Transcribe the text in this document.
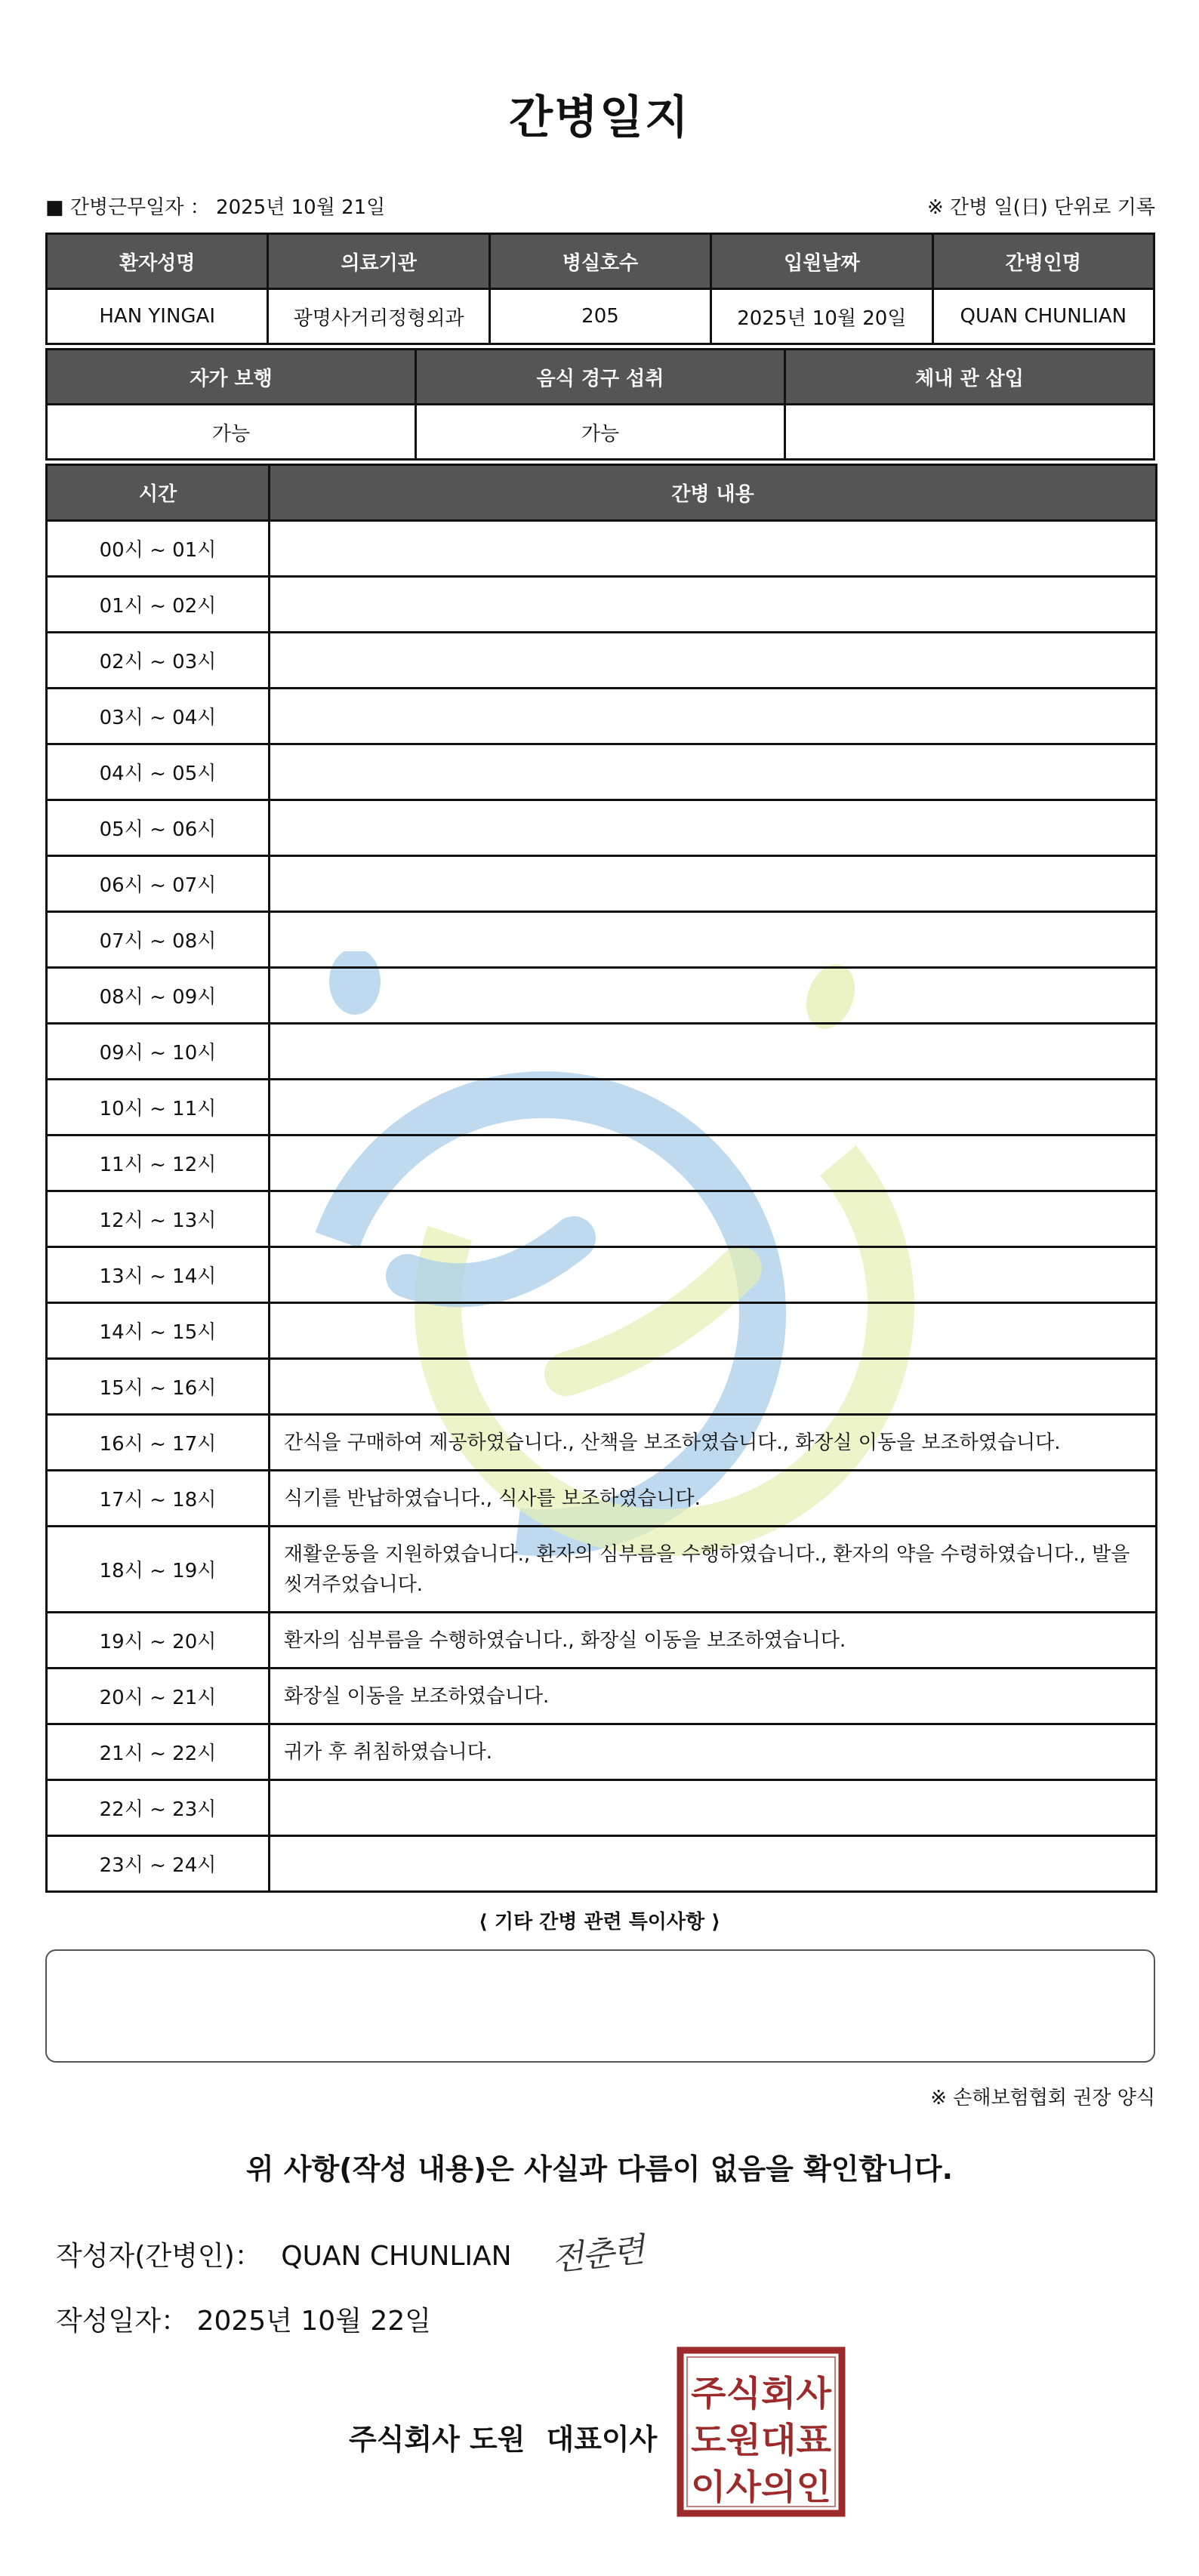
간병일지
■ 간병근무일자 ： 2025년 10월 21일	※ 간병 일(日) 단위로 기록
환자성명	의료기관	병실호수	입원날짜	간병인명
HAN YINGAI	광명사거리정형외과	205	2025년 10월 20일	QUAN CHUNLIAN
자가 보행	음식 경구 섭취	체내 관 삽입
가능	가능	
시간	간병 내용
00시 ~ 01시	
01시 ~ 02시	
02시 ~ 03시	
03시 ~ 04시	
04시 ~ 05시	
05시 ~ 06시	
06시 ~ 07시	
07시 ~ 08시	
08시 ~ 09시	
09시 ~ 10시	
10시 ~ 11시	
11시 ~ 12시	
12시 ~ 13시	
13시 ~ 14시	
14시 ~ 15시	
15시 ~ 16시	
16시 ~ 17시	간식을 구매하여 제공하였습니다., 산책을 보조하였습니다., 화장실 이동을 보조하였습니다.
17시 ~ 18시	식기를 반납하였습니다., 식사를 보조하였습니다.
18시 ~ 19시	재활운동을 지원하였습니다., 환자의 심부름을 수행하였습니다., 환자의 약을 수령하였습니다., 발을 씻겨주었습니다.
19시 ~ 20시	환자의 심부름을 수행하였습니다., 화장실 이동을 보조하였습니다.
20시 ~ 21시	화장실 이동을 보조하였습니다.
21시 ~ 22시	귀가 후 취침하였습니다.
22시 ~ 23시	
23시 ~ 24시	
⟨ 기타 간병 관련 특이사항 ⟩
※ 손해보험협회 권장 양식
위 사항(작성 내용)은 사실과 다름이 없음을 확인합니다.
작성자(간병인)： QUAN CHUNLIAN	전춘련
작성일자： 2025년 10월 22일
주식회사 도원 대표이사
주식회사
도원대표
이사의인
